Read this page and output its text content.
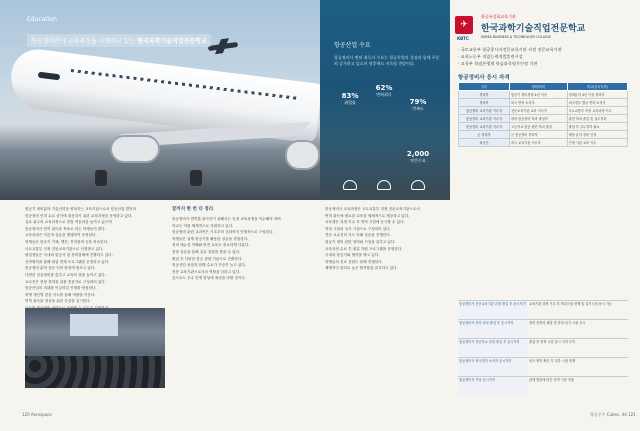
Education
항공정비분야 교육과정을 시행하고 있는 한국과학기술직업전문학교
항공산업 수요
항공정비사 면허 취득자 수요는 항공산업의 성장과 함께 꾸준히 증가하고 있으며 향후에도 지속될 전망이다.
83%
취업률
62%
면허취득
79%
만족도
2,000
연간수요
항공기 정비분야 기술인력을 양성하는 교육기관으로서 항공산업 발전과
항공정비 인력 수요 증가에 대응하기 위한 교육과정을 운영하고 있다.
실무 위주의 교육과정으로 현장 적응력을 높이고 있으며
항공정비사 면허 취득을 목표로 하는 학생들이 많다.
교육과정은 이론과 실습을 병행하여 운영된다.
학생들은 항공기 기체, 엔진, 전자장비 등을 학습한다.
국토교통부 지정 전문교육기관으로 인정받고 있다.
졸업생들은 국내외 항공사 및 정비업체에 진출하고 있다.
산학협력을 통해 취업 연계 프로그램을 운영하고 있다.
항공정비 분야 전문 인력 양성에 힘쓰고 있다.
다양한 실습장비를 갖추고 교육의 질을 높이고 있다.
교수진은 현장 경력을 갖춘 전문가로 구성되어 있다.
항공산업의 미래를 이끌어갈 인재를 양성한다.
학생 개인별 맞춤 지도를 통해 역량을 키운다.
면허 취득률 향상을 위한 특강을 실시한다.
끝까지 한 번 더 정리
항공정비사 면허를 취득하기 위해서는 일정 교육과정을 이수해야 하며
학교는 이를 체계적으로 지원하고 있다.
항공정비 관련 교과목은 기초부터 심화까지 단계적으로 구성된다.
학생들은 실제 항공기를 활용한 실습을 경험한다.
정비 매뉴얼 이해와 안전 교육도 중요하게 다룬다.
현장 실습을 통해 실무 경험을 쌓을 수 있다.
졸업 후 다양한 항공 관련 기관으로 진출한다.
항공산업 성장과 함께 수요가 꾸준히 늘고 있다.
전문 교육기관으로서의 역할을 다하고 있다.
앞으로도 우수 인재 양성에 최선을 다할 것이다.
120 Aerospace
항공정비사 교육과정은 국토교통부 지정 전문교육기관으로서
면허 취득에 필요한 교육을 체계적으로 제공하고 있다.
교육생은 과정 이수 후 면허 시험에 응시할 수 있다.
학과 시험과 실기 시험으로 구성되어 있다.
전문 교수진의 지도 아래 실습을 진행한다.
항공기 정비 관련 장비와 시설을 갖추고 있다.
교육과정 수료 후 취업 지원 프로그램을 운영한다.
국내외 항공사와 협약을 맺고 있다.
학생들의 진로 상담도 함께 진행한다.
체계적인 관리로 높은 합격률을 유지하고 있다.
✈
KBTC
항공특성화교육기관
한국과학기술직업전문학교
KOREA BUSINESS & TECHNOLOGY COLLEGE
· 국토교통부 항공종사자전문교육기관 지정 전문교육기관
· 교육노동부 직업능력개발훈련시설
· 교육부 학점은행제 학습과목평가인정 기관
항공정비사 응시 자격
구분	경력/학력	비고(응시자격)
경력자	항공기 정비경력 4년 이상	정비분야 4년 이상 경력자
경력자	외국 면허 소지자	외국정부 발급 면허 소지자
항공정비 교육기관 이수자	전문교육기관 교육 이수자	국토교통부 지정 교육과정 이수
항공정비 교육기관 이수자	대학 항공정비 학과 졸업자	관련 학과 졸업 및 실무경력
항공정비 교육기관 이수자	고등학교 항공 관련 학과 졸업	졸업 후 실무경력 필요
군 경력자	군 항공정비 경력자	해당 분야 경력 인정
외국인	외국 교육기관 이수자	인정 기관 교육 이수
항공정비사 전문교육기관 과정 졸업 후 응시자격	교육기관 과정 이수 후 학과시험 면제 및 실기시험 응시 가능
항공정비사 경력 과정 졸업 후 응시자격	경력 증명서 제출 및 학과·실기 시험 응시
항공정비사 전문학교 과정 졸업 후 응시자격	졸업 후 면허 시험 응시 자격 부여
항공정비사 외국면허 소지자 응시자격	외국 면허 확인 후 일부 시험 면제
항공정비사 기타 응시자격	관계 법령에 따른 자격 기준 적용
항공우주 Cubes. 44 121
